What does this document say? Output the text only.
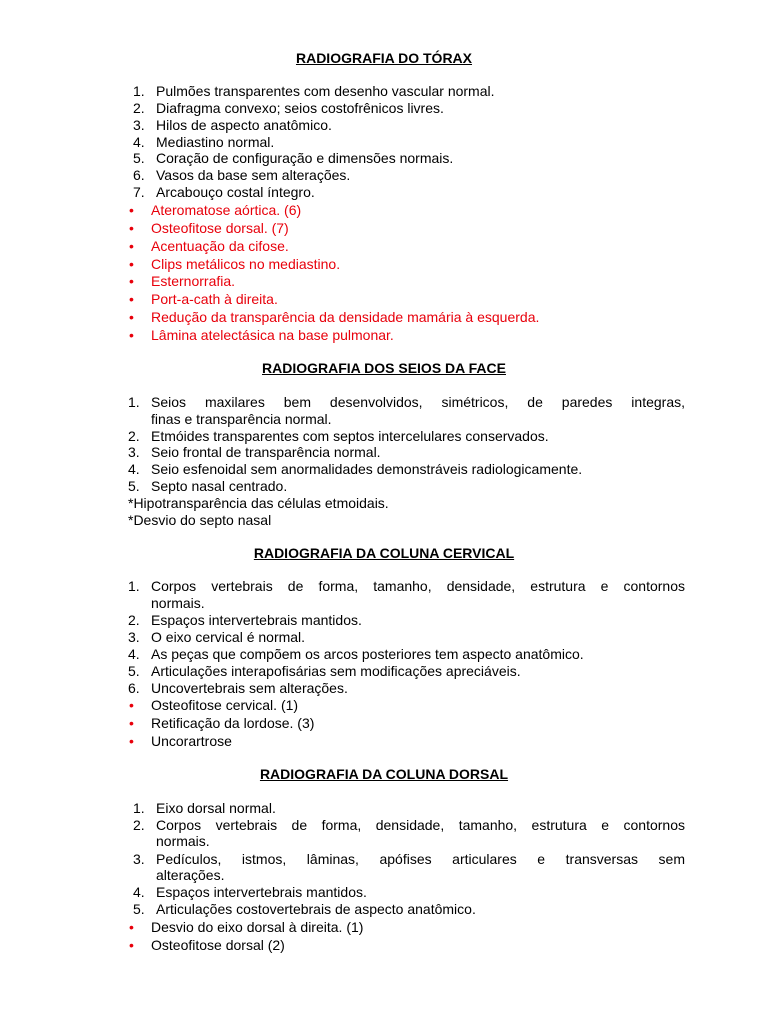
RADIOGRAFIA DO TÓRAX
1. Pulmões transparentes com desenho vascular normal.
2. Diafragma convexo; seios costofrênicos livres.
3. Hilos de aspecto anatômico.
4. Mediastino normal.
5. Coração de configuração e dimensões normais.
6. Vasos da base sem alterações.
7. Arcabouço costal íntegro.
• Ateromatose aórtica. (6)
• Osteofitose dorsal. (7)
• Acentuação da cifose.
• Clips metálicos no mediastino.
• Esternorrafia.
• Port-a-cath à direita.
• Redução da transparência da densidade mamária à esquerda.
• Lâmina atelectásica na base pulmonar.
RADIOGRAFIA DOS SEIOS DA FACE
1. Seios maxilares bem desenvolvidos, simétricos, de paredes integras,
finas e transparência normal.
2. Etmóides transparentes com septos intercelulares conservados.
3. Seio frontal de transparência normal.
4. Seio esfenoidal sem anormalidades demonstráveis radiologicamente.
5. Septo nasal centrado.
*Hipotransparência das células etmoidais.
*Desvio do septo nasal
RADIOGRAFIA DA COLUNA CERVICAL
1. Corpos vertebrais de forma, tamanho, densidade, estrutura e contornos
normais.
2. Espaços intervertebrais mantidos.
3. O eixo cervical é normal.
4. As peças que compõem os arcos posteriores tem aspecto anatômico.
5. Articulações interapofisárias sem modificações apreciáveis.
6. Uncovertebrais sem alterações.
• Osteofitose cervical. (1)
• Retificação da lordose. (3)
• Uncorartrose
RADIOGRAFIA DA COLUNA DORSAL
1. Eixo dorsal normal.
2. Corpos vertebrais de forma, densidade, tamanho, estrutura e contornos
normais.
3. Pedículos, istmos, lâminas, apófises articulares e transversas sem
alterações.
4. Espaços intervertebrais mantidos.
5. Articulações costovertebrais de aspecto anatômico.
• Desvio do eixo dorsal à direita. (1)
• Osteofitose dorsal (2)
